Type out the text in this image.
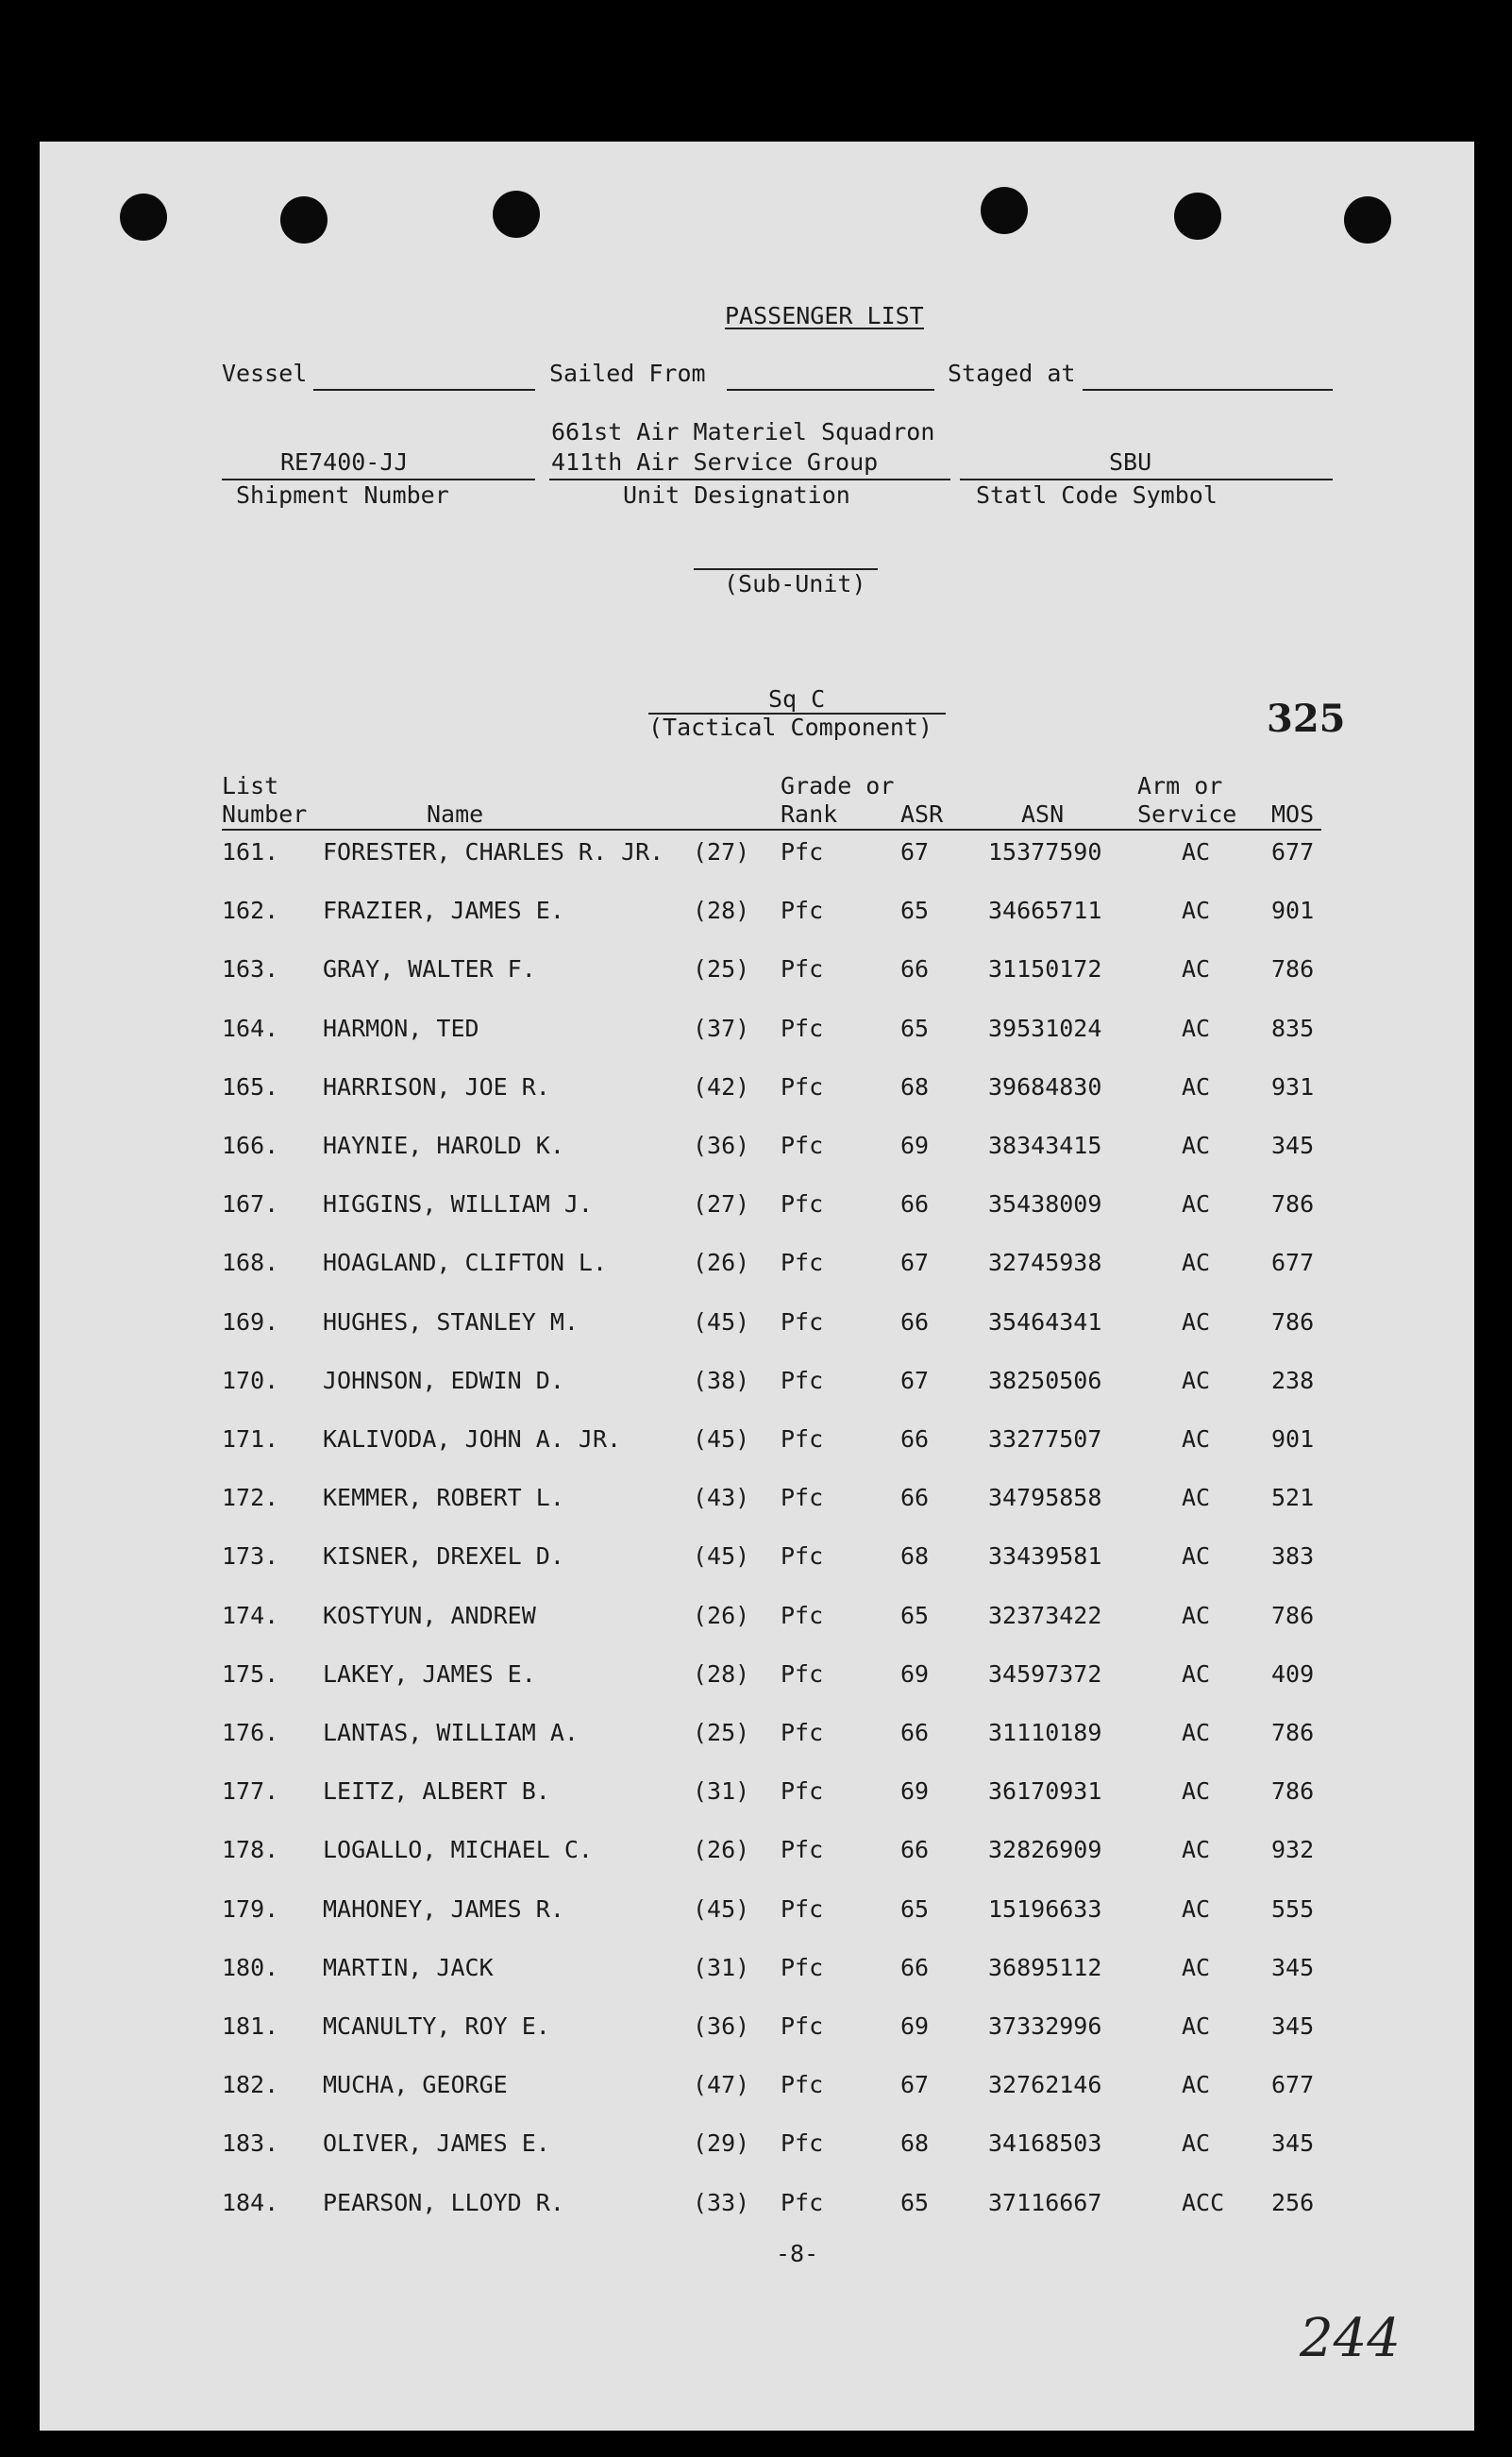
PASSENGER LIST
Vessel	Sailed From	Staged at
661st Air Materiel Squadron
RE7400-JJ	411th Air Service Group	SBU
Shipment Number	Unit Designation	Statl Code Symbol
(Sub-Unit)
Sq C
(Tactical Component)	325
List
Number	Name
Grade or
Rank	ASR	ASN
Arm or
Service MOS
161. FORESTER, CHARLES R. JR. (27) Pfc	67	15377590	AC	677
162. FRAZIER, JAMES E.	(28) Pfc	65	34665711	AC	901
163. GRAY, WALTER F.	(25) Pfc	66	31150172	AC	786
164. HARMON, TED	(37) Pfc	65	39531024	AC	835
165. HARRISON, JOE R.	(42) Pfc	68	39684830	AC	931
166. HAYNIE, HAROLD K.	(36) Pfc	69	38343415	AC	345
167. HIGGINS, WILLIAM J.	(27) Pfc	66	35438009	AC	786
168. HOAGLAND, CLIFTON L.	(26) Pfc	67	32745938	AC	677
169. HUGHES, STANLEY M.	(45) Pfc	66	35464341	AC	786
170. JOHNSON, EDWIN D.	(38) Pfc	67	38250506	AC	238
171. KALIVODA, JOHN A. JR.	(45) Pfc	66	33277507	AC	901
172. KEMMER, ROBERT L.	(43) Pfc	66	34795858	AC	521
173. KISNER, DREXEL D.	(45) Pfc	68	33439581	AC	383
174. KOSTYUN, ANDREW	(26) Pfc	65	32373422	AC	786
175. LAKEY, JAMES E.	(28) Pfc	69	34597372	AC	409
176. LANTAS, WILLIAM A.	(25) Pfc	66	31110189	AC	786
177. LEITZ, ALBERT B.	(31) Pfc	69	36170931	AC	786
178. LOGALLO, MICHAEL C.	(26) Pfc	66	32826909	AC	932
179. MAHONEY, JAMES R.	(45) Pfc	65	15196633	AC	555
180. MARTIN, JACK	(31) Pfc	66	36895112	AC	345
181. MCANULTY, ROY E.	(36) Pfc	69	37332996	AC	345
182. MUCHA, GEORGE	(47) Pfc	67	32762146	AC	677
183. OLIVER, JAMES E.	(29) Pfc	68	34168503	AC	345
184. PEARSON, LLOYD R.	(33) Pfc	65	37116667	ACC 256
-8-
244
